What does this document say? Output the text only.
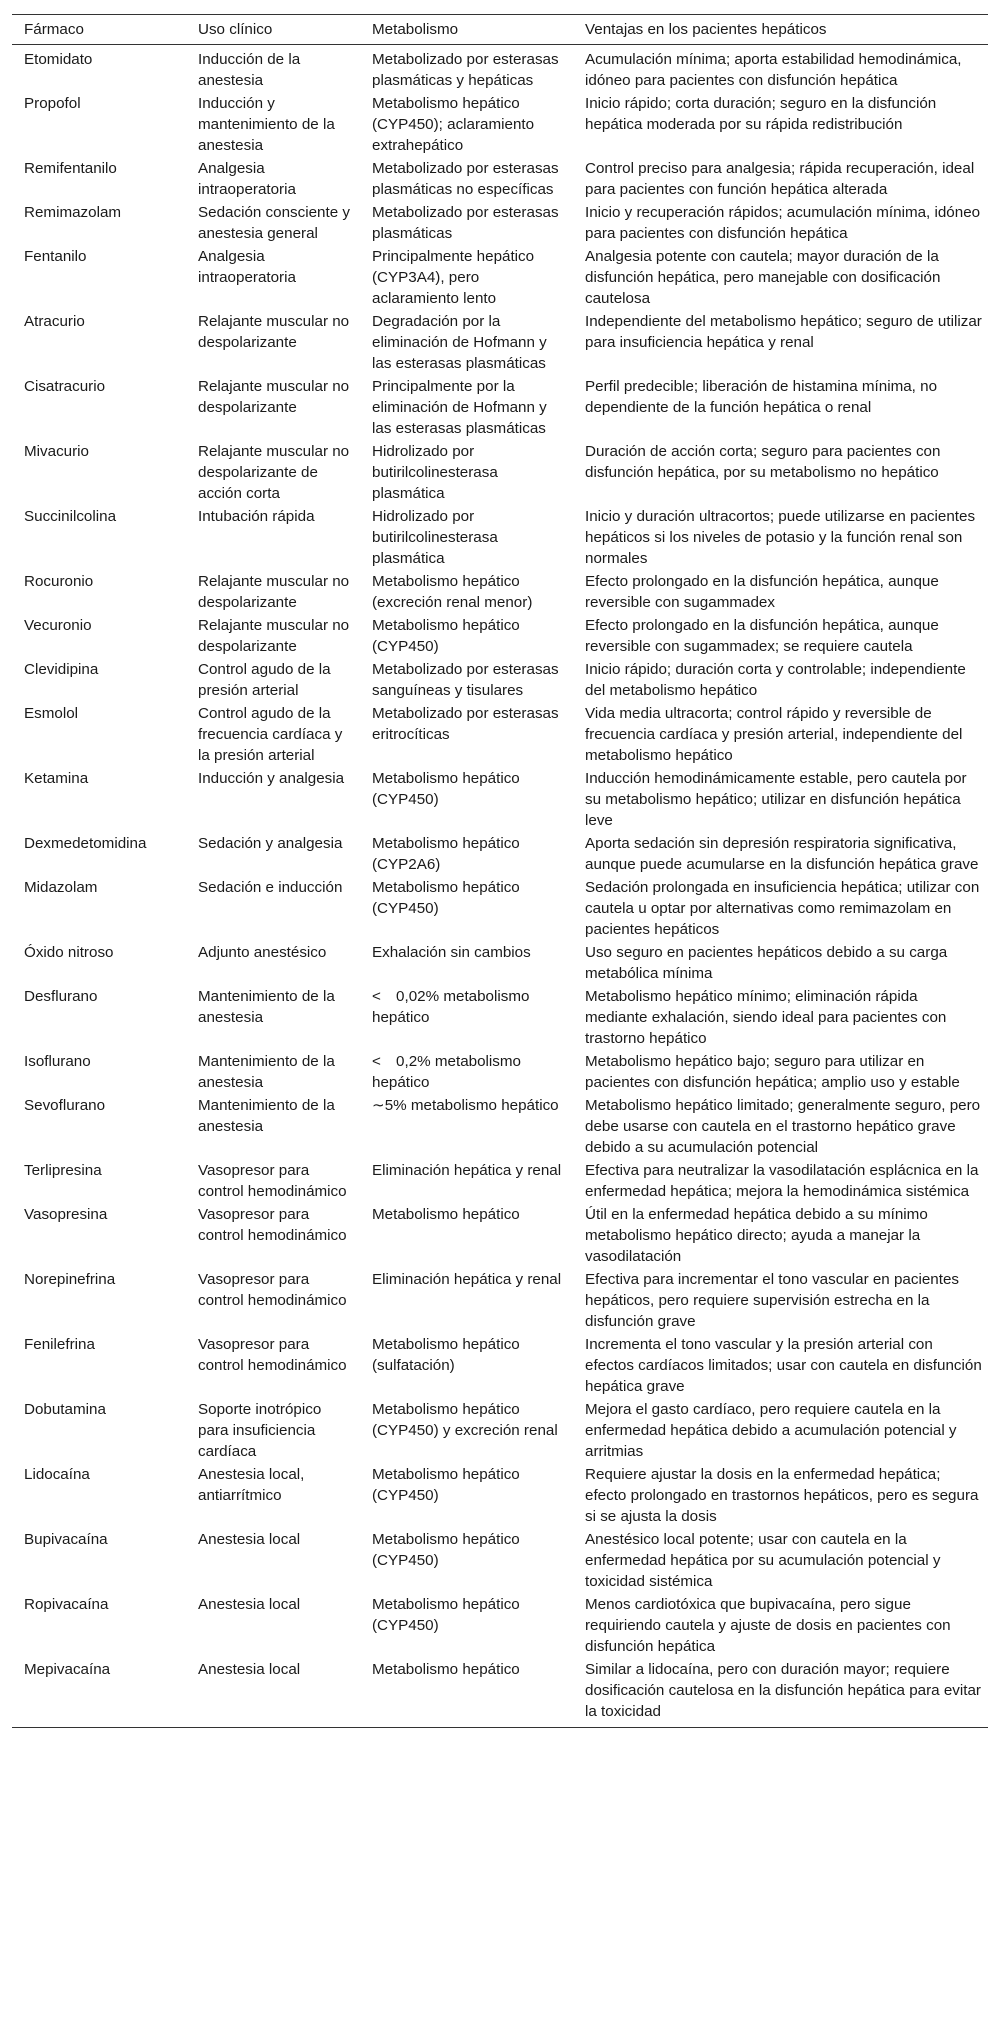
Fármaco	Uso clínico	Metabolismo	Ventajas en los pacientes hepáticos
Etomidato	Inducción de la anestesia	Metabolizado por esterasas plasmáticas y hepáticas	Acumulación mínima; aporta estabilidad hemodinámica, idóneo para pacientes con disfunción hepática
Propofol	Inducción y mantenimiento de la anestesia	Metabolismo hepático (CYP450); aclaramiento extrahepático	Inicio rápido; corta duración; seguro en la disfunción hepática moderada por su rápida redistribución
Remifentanilo	Analgesia intraoperatoria	Metabolizado por esterasas plasmáticas no específicas	Control preciso para analgesia; rápida recuperación, ideal para pacientes con función hepática alterada
Remimazolam	Sedación consciente y anestesia general	Metabolizado por esterasas plasmáticas	Inicio y recuperación rápidos; acumulación mínima, idóneo para pacientes con disfunción hepática
Fentanilo	Analgesia intraoperatoria	Principalmente hepático (CYP3A4), pero aclaramiento lento	Analgesia potente con cautela; mayor duración de la disfunción hepática, pero manejable con dosificación cautelosa
Atracurio	Relajante muscular no despolarizante	Degradación por la eliminación de Hofmann y las esterasas plasmáticas	Independiente del metabolismo hepático; seguro de utilizar para insuficiencia hepática y renal
Cisatracurio	Relajante muscular no despolarizante	Principalmente por la eliminación de Hofmann y las esterasas plasmáticas	Perfil predecible; liberación de histamina mínima, no dependiente de la función hepática o renal
Mivacurio	Relajante muscular no despolarizante de acción corta	Hidrolizado por butirilcolinesterasa plasmática	Duración de acción corta; seguro para pacientes con disfunción hepática, por su metabolismo no hepático
Succinilcolina	Intubación rápida	Hidrolizado por butirilcolinesterasa plasmática	Inicio y duración ultracortos; puede utilizarse en pacientes hepáticos si los niveles de potasio y la función renal son normales
Rocuronio	Relajante muscular no despolarizante	Metabolismo hepático (excreción renal menor)	Efecto prolongado en la disfunción hepática, aunque reversible con sugammadex
Vecuronio	Relajante muscular no despolarizante	Metabolismo hepático (CYP450)	Efecto prolongado en la disfunción hepática, aunque reversible con sugammadex; se requiere cautela
Clevidipina	Control agudo de la presión arterial	Metabolizado por esterasas sanguíneas y tisulares	Inicio rápido; duración corta y controlable; independiente del metabolismo hepático
Esmolol	Control agudo de la frecuencia cardíaca y la presión arterial	Metabolizado por esterasas eritrocíticas	Vida media ultracorta; control rápido y reversible de frecuencia cardíaca y presión arterial, independiente del metabolismo hepático
Ketamina	Inducción y analgesia	Metabolismo hepático (CYP450)	Inducción hemodinámicamente estable, pero cautela por su metabolismo hepático; utilizar en disfunción hepática leve
Dexmedetomidina	Sedación y analgesia	Metabolismo hepático (CYP2A6)	Aporta sedación sin depresión respiratoria significativa, aunque puede acumularse en la disfunción hepática grave
Midazolam	Sedación e inducción	Metabolismo hepático (CYP450)	Sedación prolongada en insuficiencia hepática; utilizar con cautela u optar por alternativas como remimazolam en pacientes hepáticos
Óxido nitroso	Adjunto anestésico	Exhalación sin cambios	Uso seguro en pacientes hepáticos debido a su carga metabólica mínima
Desflurano	Mantenimiento de la anestesia	< 0,02% metabolismo hepático	Metabolismo hepático mínimo; eliminación rápida mediante exhalación, siendo ideal para pacientes con trastorno hepático
Isoflurano	Mantenimiento de la anestesia	< 0,2% metabolismo hepático	Metabolismo hepático bajo; seguro para utilizar en pacientes con disfunción hepática; amplio uso y estable
Sevoflurano	Mantenimiento de la anestesia	∼5% metabolismo hepático	Metabolismo hepático limitado; generalmente seguro, pero debe usarse con cautela en el trastorno hepático grave debido a su acumulación potencial
Terlipresina	Vasopresor para control hemodinámico	Eliminación hepática y renal	Efectiva para neutralizar la vasodilatación esplácnica en la enfermedad hepática; mejora la hemodinámica sistémica
Vasopresina	Vasopresor para control hemodinámico	Metabolismo hepático	Útil en la enfermedad hepática debido a su mínimo metabolismo hepático directo; ayuda a manejar la vasodilatación
Norepinefrina	Vasopresor para control hemodinámico	Eliminación hepática y renal	Efectiva para incrementar el tono vascular en pacientes hepáticos, pero requiere supervisión estrecha en la disfunción grave
Fenilefrina	Vasopresor para control hemodinámico	Metabolismo hepático (sulfatación)	Incrementa el tono vascular y la presión arterial con efectos cardíacos limitados; usar con cautela en disfunción hepática grave
Dobutamina	Soporte inotrópico para insuficiencia cardíaca	Metabolismo hepático (CYP450) y excreción renal	Mejora el gasto cardíaco, pero requiere cautela en la enfermedad hepática debido a acumulación potencial y arritmias
Lidocaína	Anestesia local, antiarrítmico	Metabolismo hepático (CYP450)	Requiere ajustar la dosis en la enfermedad hepática; efecto prolongado en trastornos hepáticos, pero es segura si se ajusta la dosis
Bupivacaína	Anestesia local	Metabolismo hepático (CYP450)	Anestésico local potente; usar con cautela en la enfermedad hepática por su acumulación potencial y toxicidad sistémica
Ropivacaína	Anestesia local	Metabolismo hepático (CYP450)	Menos cardiotóxica que bupivacaína, pero sigue requiriendo cautela y ajuste de dosis en pacientes con disfunción hepática
Mepivacaína	Anestesia local	Metabolismo hepático	Similar a lidocaína, pero con duración mayor; requiere dosificación cautelosa en la disfunción hepática para evitar la toxicidad
